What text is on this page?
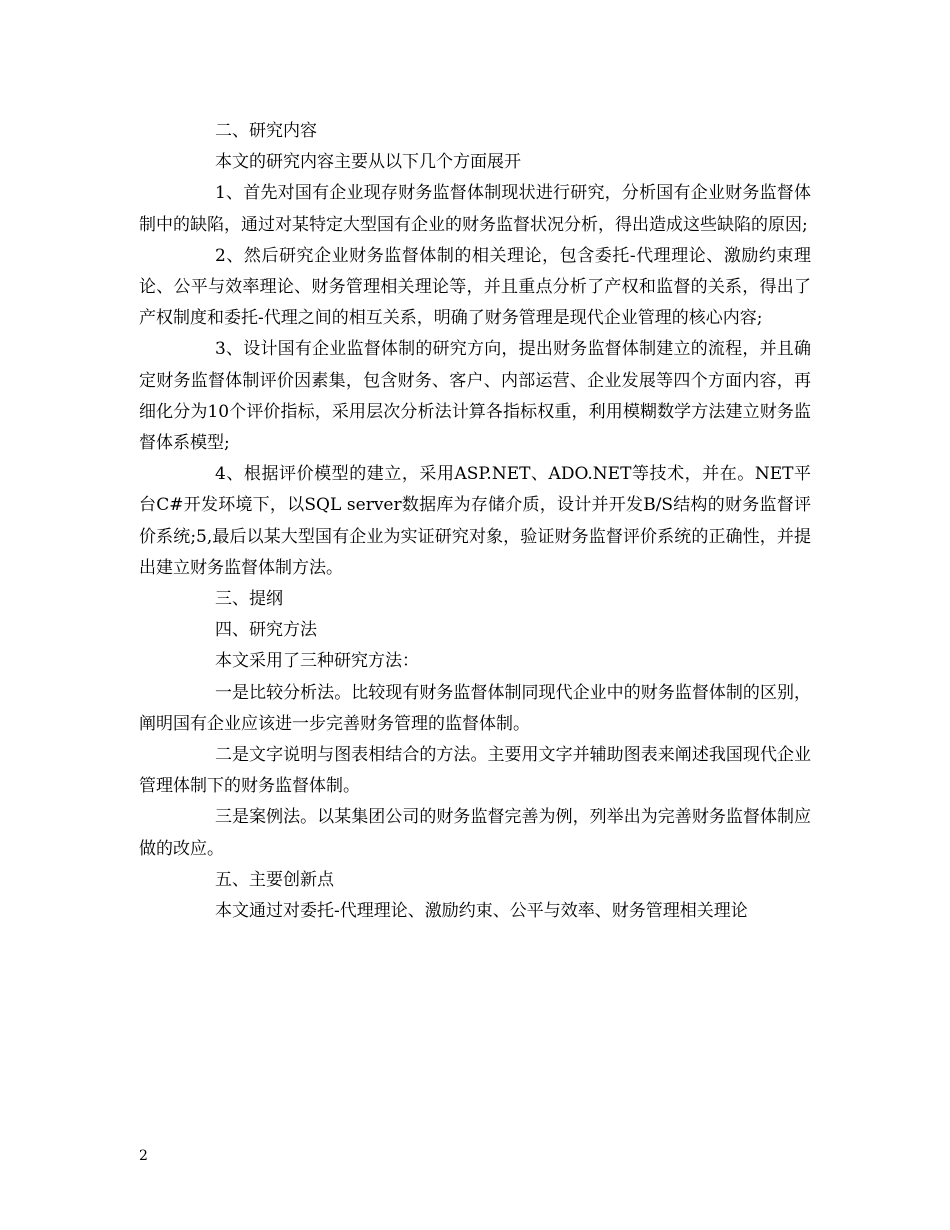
二、研究内容

本文的研究内容主要从以下几个方面展开

1、首先对国有企业现存财务监督体制现状进行研究，分析国有企业财务监督体制中的缺陷，通过对某特定大型国有企业的财务监督状况分析，得出造成这些缺陷的原因;

2、然后研究企业财务监督体制的相关理论，包含委托-代理理论、激励约束理论、公平与效率理论、财务管理相关理论等，并且重点分析了产权和监督的关系，得出了产权制度和委托-代理之间的相互关系，明确了财务管理是现代企业管理的核心内容;

3、设计国有企业监督体制的研究方向，提出财务监督体制建立的流程，并且确定财务监督体制评价因素集，包含财务、客户、内部运营、企业发展等四个方面内容，再细化分为10个评价指标，采用层次分析法计算各指标权重，利用模糊数学方法建立财务监督体系模型;

4、根据评价模型的建立，采用ASP.NET、ADO.NET等技术，并在。NET平台C#开发环境下，以SQL server数据库为存储介质，设计并开发B/S结构的财务监督评价系统;5,最后以某大型国有企业为实证研究对象，验证财务监督评价系统的正确性，并提出建立财务监督体制方法。

三、提纲

四、研究方法

本文采用了三种研究方法：

一是比较分析法。比较现有财务监督体制同现代企业中的财务监督体制的区别，阐明国有企业应该进一步完善财务管理的监督体制。

二是文字说明与图表相结合的方法。主要用文字并辅助图表来阐述我国现代企业管理体制下的财务监督体制。

三是案例法。以某集团公司的财务监督完善为例，列举出为完善财务监督体制应做的改应。

五、主要创新点

本文通过对委托-代理理论、激励约束、公平与效率、财务管理相关理论

2
